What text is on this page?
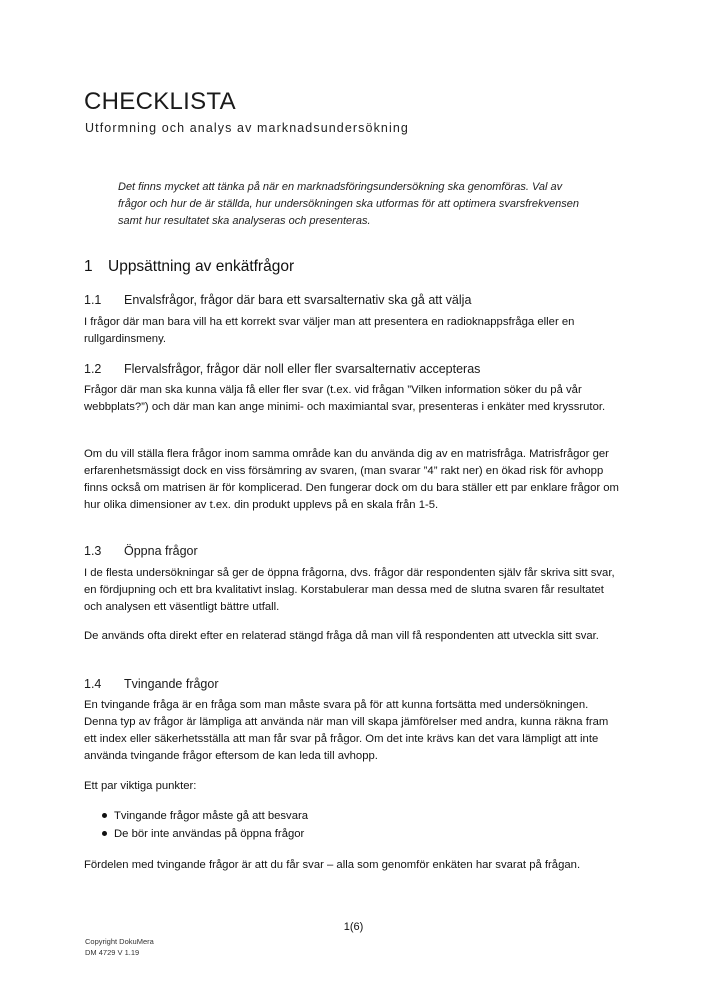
CHECKLISTA
Utformning och analys av marknadsundersökning

Det finns mycket att tänka på när en marknadsföringsundersökning ska genomföras. Val av frågor och hur de är ställda, hur undersökningen ska utformas för att optimera svarsfrekvensen samt hur resultatet ska analyseras och presenteras.

1 Uppsättning av enkätfrågor
1.1 Envalsfrågor, frågor där bara ett svarsalternativ ska gå att välja

I frågor där man bara vill ha ett korrekt svar väljer man att presentera en radioknappsfråga eller en rullgardinsmeny.

1.2 Flervalsfrågor, frågor där noll eller fler svarsalternativ accepteras

Frågor där man ska kunna välja få eller fler svar (t.ex. vid frågan ”Vilken information söker du på vår webbplats?”) och där man kan ange minimi- och maximiantal svar, presenteras i enkäter med kryssrutor.

Om du vill ställa flera frågor inom samma område kan du använda dig av en matrisfråga. Matrisfrågor ger erfarenhetsmässigt dock en viss försämring av svaren, (man svarar ”4” rakt ner) en ökad risk för avhopp finns också om matrisen är för komplicerad. Den fungerar dock om du bara ställer ett par enklare frågor om hur olika dimensioner av t.ex. din produkt upplevs på en skala från 1-5.

1.3 Öppna frågor

I de flesta undersökningar så ger de öppna frågorna, dvs. frågor där respondenten själv får skriva sitt svar, en fördjupning och ett bra kvalitativt inslag. Korstabulerar man dessa med de slutna svaren får resultatet och analysen ett väsentligt bättre utfall.

De används ofta direkt efter en relaterad stängd fråga då man vill få respondenten att utveckla sitt svar.

1.4 Tvingande frågor

En tvingande fråga är en fråga som man måste svara på för att kunna fortsätta med undersökningen. Denna typ av frågor är lämpliga att använda när man vill skapa jämförelser med andra, kunna räkna fram ett index eller säkerhetsställa att man får svar på frågor. Om det inte krävs kan det vara lämpligt att inte använda tvingande frågor eftersom de kan leda till avhopp.

Ett par viktiga punkter:

Tvingande frågor måste gå att besvara
De bör inte användas på öppna frågor

Fördelen med tvingande frågor är att du får svar – alla som genomför enkäten har svarat på frågan.

1(6)
Copyright DokuMera
DM 4729 V 1.19
